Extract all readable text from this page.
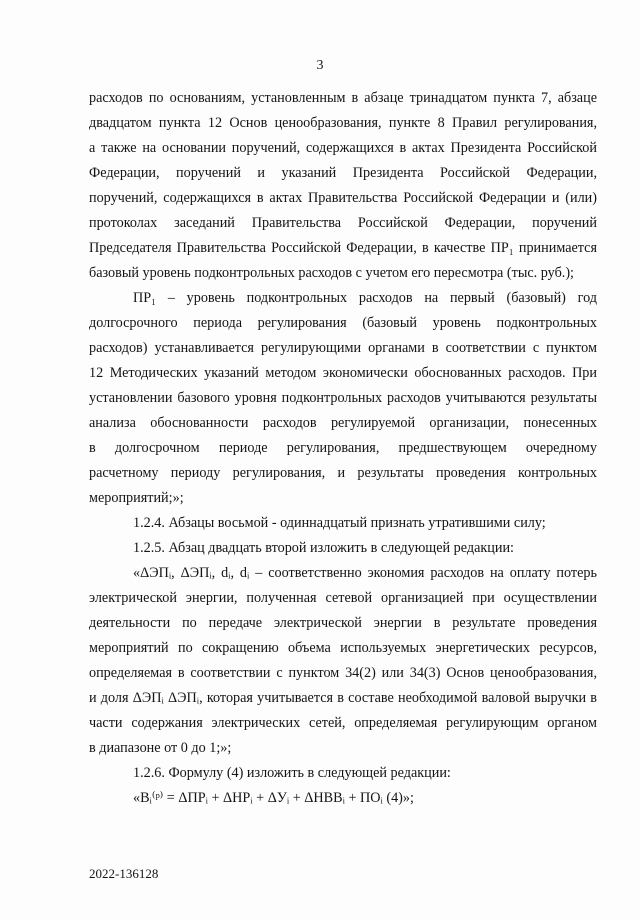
3
расходов по основаниям, установленным в абзаце тринадцатом пункта 7, абзаце
двадцатом пункта 12 Основ ценообразования, пункте 8 Правил регулирования,
а также на основании поручений, содержащихся в актах Президента Российской
Федерации, поручений и указаний Президента Российской Федерации,
поручений, содержащихся в актах Правительства Российской Федерации и (или)
протоколах заседаний Правительства Российской Федерации, поручений
Председателя Правительства Российской Федерации, в качестве ПР₁ принимается
базовый уровень подконтрольных расходов с учетом его пересмотра (тыс. руб.);
ПР₁ – уровень подконтрольных расходов на первый (базовый) год
долгосрочного периода регулирования (базовый уровень подконтрольных
расходов) устанавливается регулирующими органами в соответствии с пунктом
12 Методических указаний методом экономически обоснованных расходов. При
установлении базового уровня подконтрольных расходов учитываются результаты
анализа обоснованности расходов регулируемой организации, понесенных
в долгосрочном периоде регулирования, предшествующем очередному
расчетному периоду регулирования, и результаты проведения контрольных
мероприятий;»;
1.2.4. Абзацы восьмой - одиннадцатый признать утратившими силу;
1.2.5. Абзац двадцать второй изложить в следующей редакции:
«ΔЭПᵢ, ΔЭПᵢ, dᵢ, dᵢ – соответственно экономия расходов на оплату потерь
электрической энергии, полученная сетевой организацией при осуществлении
деятельности по передаче электрической энергии в результате проведения
мероприятий по сокращению объема используемых энергетических ресурсов,
определяемая в соответствии с пунктом 34(2) или 34(3) Основ ценообразования,
и доля ΔЭПᵢ ΔЭПᵢ, которая учитывается в составе необходимой валовой выручки в
части содержания электрических сетей, определяемая регулирующим органом
в диапазоне от 0 до 1;»;
1.2.6. Формулу (4) изложить в следующей редакции:
«Bᵢ⁽ᵖ⁾ = ΔПРᵢ + ΔНРᵢ + ΔУᵢ + ΔНВВᵢ + ПОᵢ (4)»;
2022-136128
